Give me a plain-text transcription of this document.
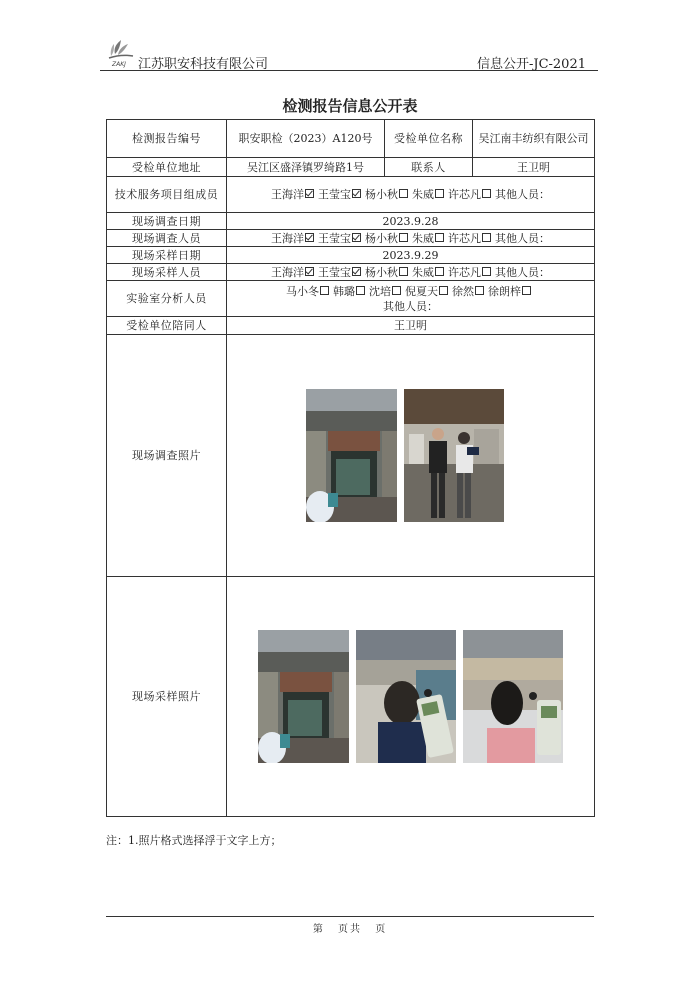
ZAKJ 江苏职安科技有限公司	信息公开-JC-2021
检测报告信息公开表
检测报告编号	职安职检（2023）A120号	受检单位名称	吴江南丰纺织有限公司
受检单位地址	吴江区盛泽镇罗绮路1号	联系人	王卫明
技术服务项目组成员	王海洋 王莹宝 杨小秋 朱威 许芯凡 其他人员：		
现场调查日期	2023.9.28		
现场调查人员	王海洋 王莹宝 杨小秋 朱威 许芯凡 其他人员：		
现场采样日期	2023.9.29		
现场采样人员	王海洋 王莹宝 杨小秋 朱威 许芯凡 其他人员：		
实验室分析人员	马小冬 韩璐 沈培 倪夏天 徐然 徐朗梓
其他人员：		

受检单位陪同人	王卫明		
现场调查照片	

现场采样照片	
注：1.照片格式选择浮于文字上方；
第 页共 页
